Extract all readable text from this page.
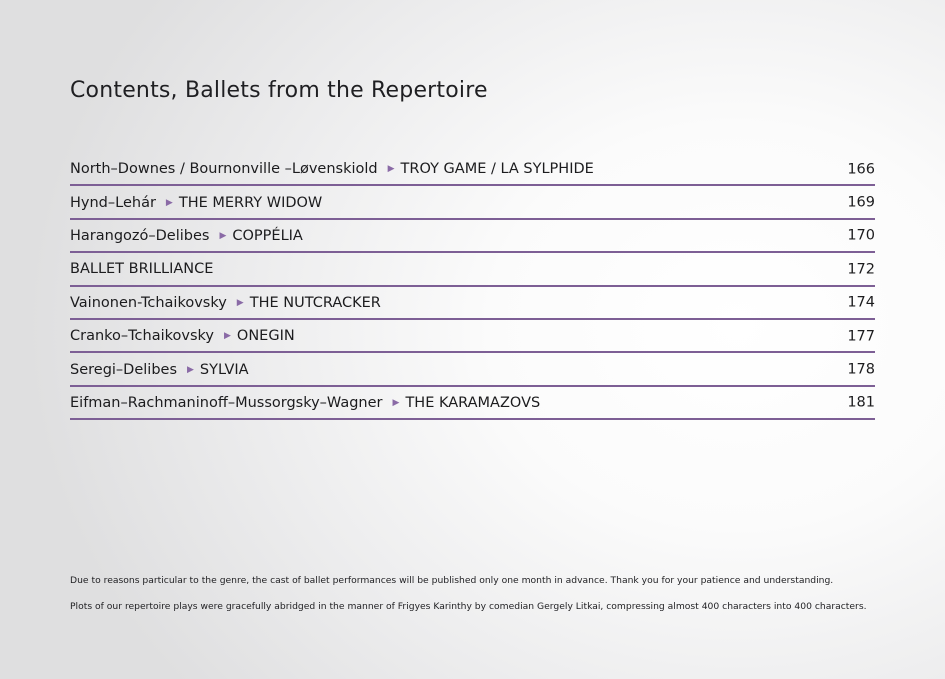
Contents, Ballets from the Repertoire
North–Downes / Bournonville –Løvenskiold ▶ TROY GAME / LA SYLPHIDE	166
Hynd–Lehár ▶ THE MERRY WIDOW	169
Harangozó–Delibes ▶ COPPÉLIA	170
BALLET BRILLIANCE	172
Vainonen-Tchaikovsky ▶ THE NUTCRACKER	174
Cranko–Tchaikovsky ▶ ONEGIN	177
Seregi–Delibes ▶ SYLVIA	178
Eifman–Rachmaninoff–Mussorgsky–Wagner ▶ THE KARAMAZOVS	181
Due to reasons particular to the genre, the cast of ballet performances will be published only one month in advance. Thank you for your patience and understanding.
Plots of our repertoire plays were gracefully abridged in the manner of Frigyes Karinthy by comedian Gergely Litkai, compressing almost 400 characters into 400 characters.
